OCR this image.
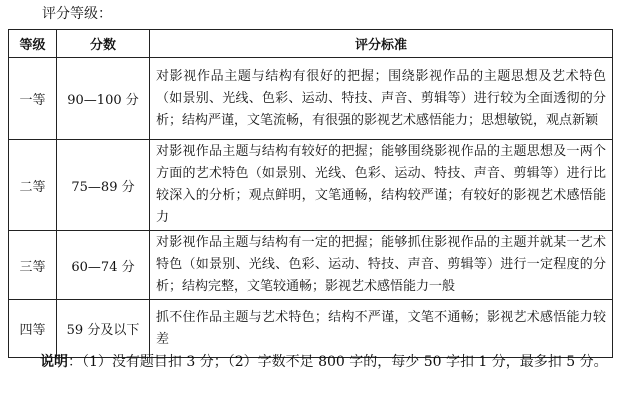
评分等级：
等级	分数	评分标准
一等	90—100 分	对影视作品主题与结构有很好的把握；围绕影视作品的主题思想及艺术特色（如景别、光线、色彩、运动、特技、声音、剪辑等）进行较为全面透彻的分析；结构严谨，文笔流畅，有很强的影视艺术感悟能力；思想敏锐，观点新颖
二等	75—89 分	对影视作品主题与结构有较好的把握；能够围绕影视作品的主题思想及一两个方面的艺术特色（如景别、光线、色彩、运动、特技、声音、剪辑等）进行比较深入的分析；观点鲜明，文笔通畅，结构较严谨；有较好的影视艺术感悟能力
三等	60—74 分	对影视作品主题与结构有一定的把握；能够抓住影视作品的主题并就某一艺术特色（如景别、光线、色彩、运动、特技、声音、剪辑等）进行一定程度的分析；结构完整，文笔较通畅；影视艺术感悟能力一般
四等	59 分及以下	抓不住作品主题与艺术特色；结构不严谨，文笔不通畅；影视艺术感悟能力较差
说明：（1）没有题目扣 3 分；（2）字数不足 800 字的，每少 50 字扣 1 分，最多扣 5 分。
